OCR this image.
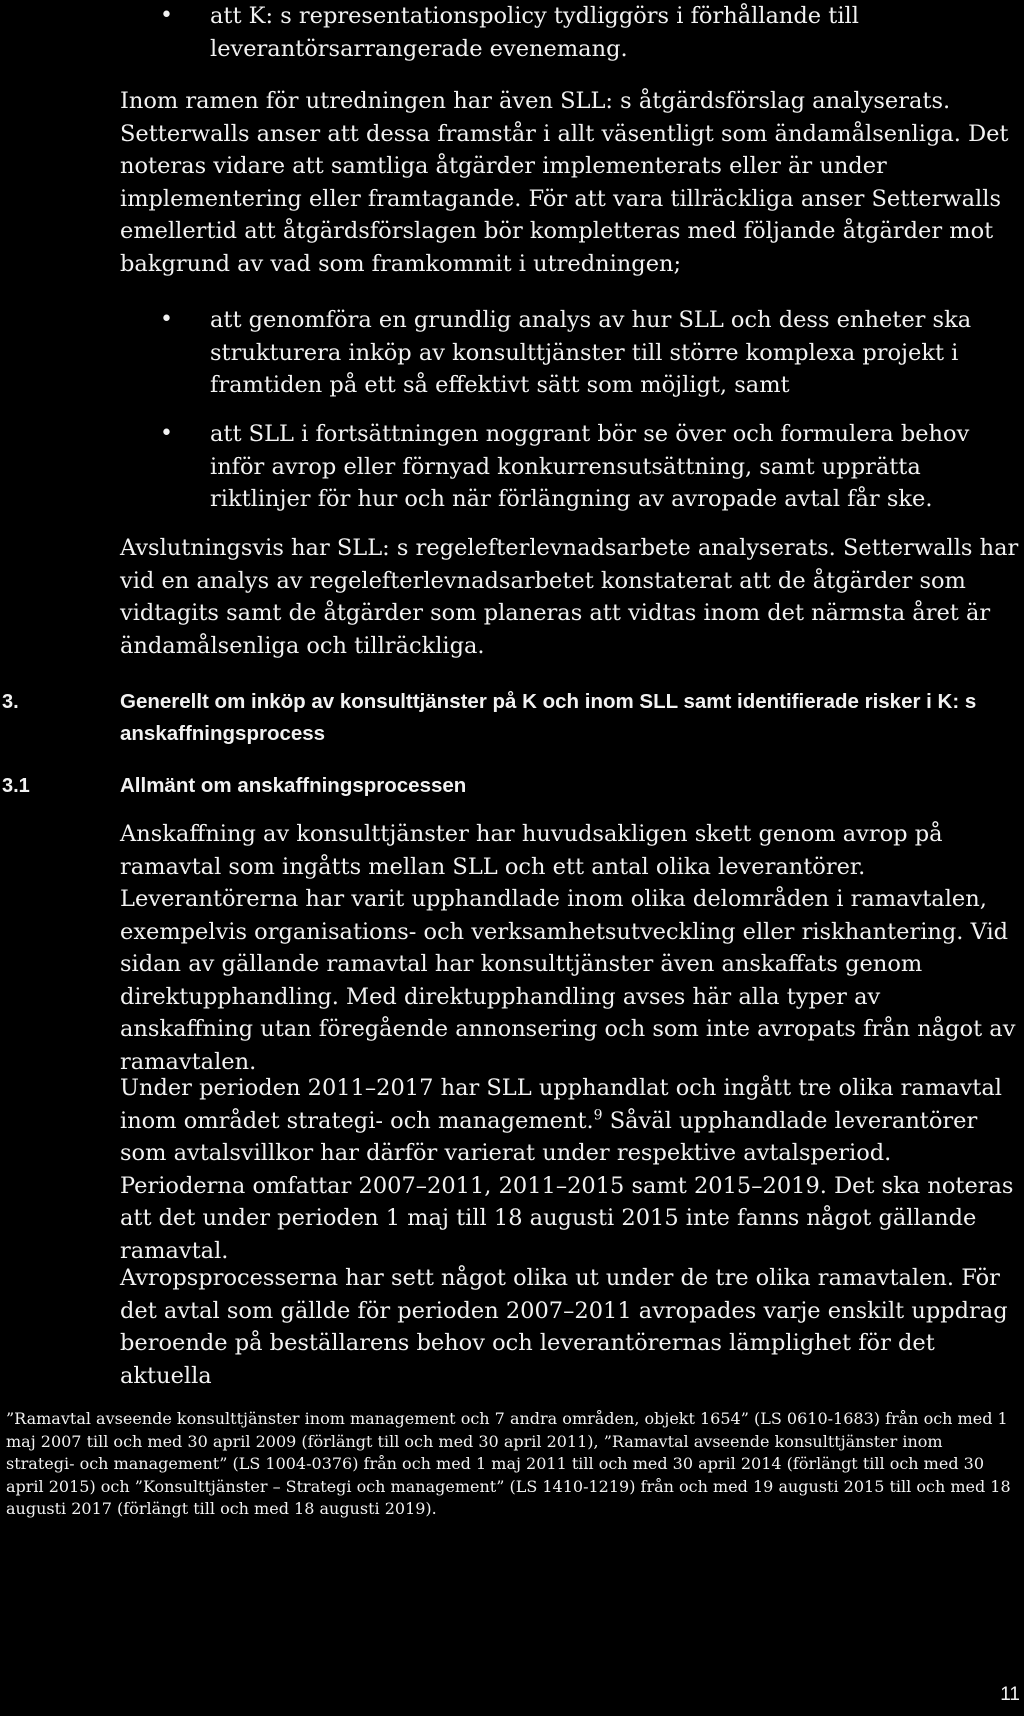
• att K: s representationspolicy tydliggörs i förhållande till leverantörsarrangerade evenemang.

Inom ramen för utredningen har även SLL: s åtgärdsförslag analyserats. Setterwalls anser att dessa framstår i allt väsentligt som ändamålsenliga. Det noteras vidare att samtliga åtgärder implementerats eller är under implementering eller framtagande. För att vara tillräckliga anser Setterwalls emellertid att åtgärdsförslagen bör kompletteras med följande åtgärder mot bakgrund av vad som framkommit i utredningen;

• att genomföra en grundlig analys av hur SLL och dess enheter ska strukturera inköp av konsulttjänster till större komplexa projekt i framtiden på ett så effektivt sätt som möjligt, samt
• att SLL i fortsättningen noggrant bör se över och formulera behov inför avrop eller förnyad konkurrensutsättning, samt upprätta riktlinjer för hur och när förlängning av avropade avtal får ske.

Avslutningsvis har SLL: s regelefterlevnadsarbete analyserats. Setterwalls har vid en analys av regelefterlevnadsarbetet konstaterat att de åtgärder som vidtagits samt de åtgärder som planeras att vidtas inom det närmsta året är ändamålsenliga och tillräckliga.

3.	Generellt om inköp av konsulttjänster på K och inom SLL samt identifierade risker i K: s anskaffningsprocess
3.1	Allmänt om anskaffningsprocessen

Anskaffning av konsulttjänster har huvudsakligen skett genom avrop på ramavtal som ingåtts mellan SLL och ett antal olika leverantörer. Leverantörerna har varit upphandlade inom olika delområden i ramavtalen, exempelvis organisations- och verksamhetsutveckling eller riskhantering. Vid sidan av gällande ramavtal har konsulttjänster även anskaffats genom direktupphandling. Med direktupphandling avses här alla typer av anskaffning utan föregående annonsering och som inte avropats från något av ramavtalen.

Under perioden 2011–2017 har SLL upphandlat och ingått tre olika ramavtal inom området strategi- och management.$^9$ Såväl upphandlade leverantörer som avtalsvillkor har därför varierat under respektive avtalsperiod. Perioderna omfattar 2007–2011, 2011–2015 samt 2015–2019. Det ska noteras att det under perioden 1 maj till 18 augusti 2015 inte fanns något gällande ramavtal.

Avropsprocesserna har sett något olika ut under de tre olika ramavtalen. För det avtal som gällde för perioden 2007–2011 avropades varje enskilt uppdrag beroende på beställarens behov och leverantörernas lämplighet för det aktuella

”Ramavtal avseende konsulttjänster inom management och 7 andra områden, objekt 1654” (LS 0610-1683) från och med 1 maj 2007 till och med 30 april 2009 (förlängt till och med 30 april 2011), ”Ramavtal avseende konsulttjänster inom strategi- och management” (LS 1004-0376) från och med 1 maj 2011 till och med 30 april 2014 (förlängt till och med 30 april 2015) och ”Konsulttjänster – Strategi och management” (LS 1410-1219) från och med 19 augusti 2015 till och med 18 augusti 2017 (förlängt till och med 18 augusti 2019).

11
